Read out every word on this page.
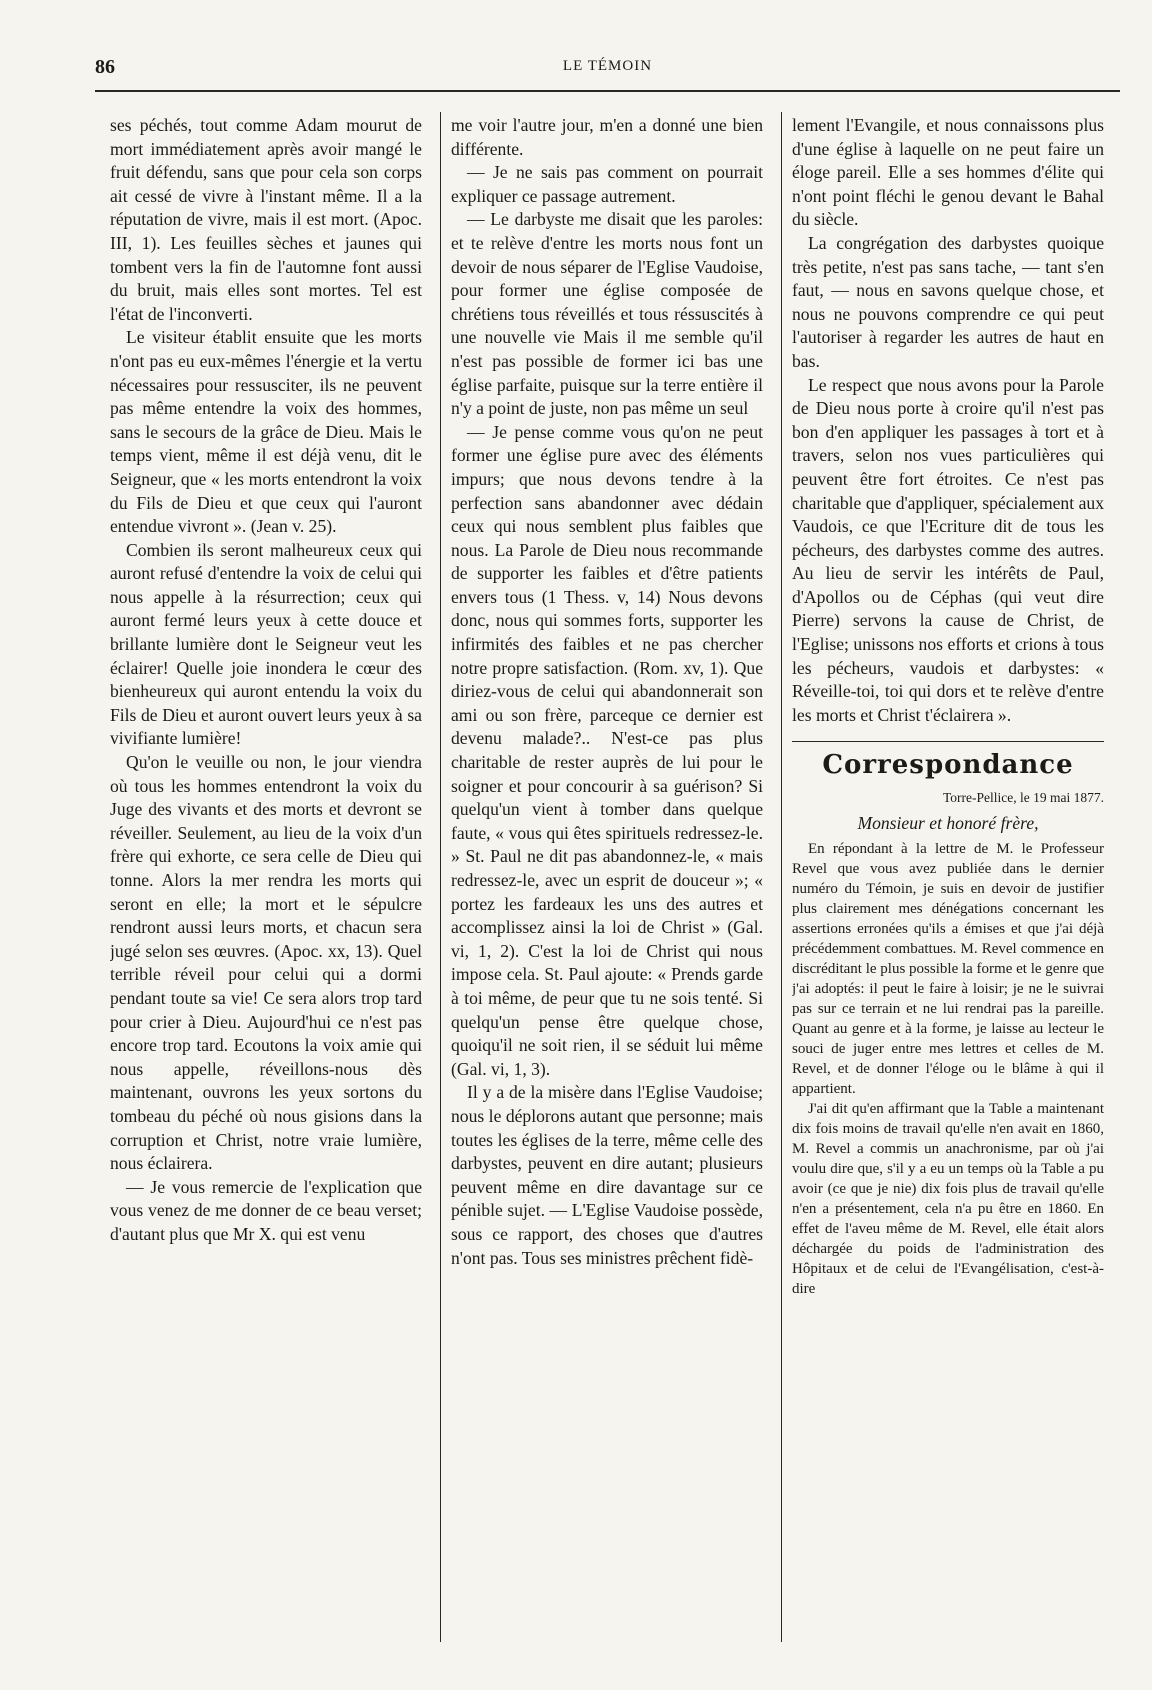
86	LE TÉMOIN

ses péchés, tout comme Adam mourut de mort immédiatement après avoir mangé le fruit défendu, sans que pour cela son corps ait cessé de vivre à l'instant même. Il a la réputation de vivre, mais il est mort. (Apoc. III, 1). Les feuilles sèches et jaunes qui tombent vers la fin de l'automne font aussi du bruit, mais elles sont mortes. Tel est l'état de l'inconverti.

Le visiteur établit ensuite que les morts n'ont pas eu eux-mêmes l'énergie et la vertu nécessaires pour ressusciter, ils ne peuvent pas même entendre la voix des hommes, sans le secours de la grâce de Dieu. Mais le temps vient, même il est déjà venu, dit le Seigneur, que « les morts entendront la voix du Fils de Dieu et que ceux qui l'auront entendue vivront ». (Jean v. 25).

Combien ils seront malheureux ceux qui auront refusé d'entendre la voix de celui qui nous appelle à la résurrection; ceux qui auront fermé leurs yeux à cette douce et brillante lumière dont le Seigneur veut les éclairer! Quelle joie inondera le cœur des bienheureux qui auront entendu la voix du Fils de Dieu et auront ouvert leurs yeux à sa vivifiante lumière!

Qu'on le veuille ou non, le jour viendra où tous les hommes entendront la voix du Juge des vivants et des morts et devront se réveiller. Seulement, au lieu de la voix d'un frère qui exhorte, ce sera celle de Dieu qui tonne. Alors la mer rendra les morts qui seront en elle; la mort et le sépulcre rendront aussi leurs morts, et chacun sera jugé selon ses œuvres. (Apoc. xx, 13). Quel terrible réveil pour celui qui a dormi pendant toute sa vie! Ce sera alors trop tard pour crier à Dieu. Aujourd'hui ce n'est pas encore trop tard. Ecoutons la voix amie qui nous appelle, réveillons-nous dès maintenant, ouvrons les yeux sortons du tombeau du péché où nous gisions dans la corruption et Christ, notre vraie lumière, nous éclairera.

— Je vous remercie de l'explication que vous venez de me donner de ce beau verset; d'autant plus que Mr X. qui est venu

me voir l'autre jour, m'en a donné une bien différente.

— Je ne sais pas comment on pourrait expliquer ce passage autrement.

— Le darbyste me disait que les paroles: et te relève d'entre les morts nous font un devoir de nous séparer de l'Eglise Vaudoise, pour former une église composée de chrétiens tous réveillés et tous réssuscités à une nouvelle vie Mais il me semble qu'il n'est pas possible de former ici bas une église parfaite, puisque sur la terre entière il n'y a point de juste, non pas même un seul

— Je pense comme vous qu'on ne peut former une église pure avec des éléments impurs; que nous devons tendre à la perfection sans abandonner avec dédain ceux qui nous semblent plus faibles que nous. La Parole de Dieu nous recommande de supporter les faibles et d'être patients envers tous (1 Thess. v, 14) Nous devons donc, nous qui sommes forts, supporter les infirmités des faibles et ne pas chercher notre propre satisfaction. (Rom. xv, 1). Que diriez-vous de celui qui abandonnerait son ami ou son frère, parceque ce dernier est devenu malade?.. N'est-ce pas plus charitable de rester auprès de lui pour le soigner et pour concourir à sa guérison? Si quelqu'un vient à tomber dans quelque faute, « vous qui êtes spirituels redressez-le. » St. Paul ne dit pas abandonnez-le, « mais redressez-le, avec un esprit de douceur »; « portez les fardeaux les uns des autres et accomplissez ainsi la loi de Christ » (Gal. vi, 1, 2). C'est la loi de Christ qui nous impose cela. St. Paul ajoute: « Prends garde à toi même, de peur que tu ne sois tenté. Si quelqu'un pense être quelque chose, quoiqu'il ne soit rien, il se séduit lui même (Gal. vi, 1, 3).

Il y a de la misère dans l'Eglise Vaudoise; nous le déplorons autant que personne; mais toutes les églises de la terre, même celle des darbystes, peuvent en dire autant; plusieurs peuvent même en dire davantage sur ce pénible sujet. — L'Eglise Vaudoise possède, sous ce rapport, des choses que d'autres n'ont pas. Tous ses ministres prêchent fidè-

lement l'Evangile, et nous connaissons plus d'une église à laquelle on ne peut faire un éloge pareil. Elle a ses hommes d'élite qui n'ont point fléchi le genou devant le Bahal du siècle.

La congrégation des darbystes quoique très petite, n'est pas sans tache, — tant s'en faut, — nous en savons quelque chose, et nous ne pouvons comprendre ce qui peut l'autoriser à regarder les autres de haut en bas.

Le respect que nous avons pour la Parole de Dieu nous porte à croire qu'il n'est pas bon d'en appliquer les passages à tort et à travers, selon nos vues particulières qui peuvent être fort étroites. Ce n'est pas charitable que d'appliquer, spécialement aux Vaudois, ce que l'Ecriture dit de tous les pécheurs, des darbystes comme des autres. Au lieu de servir les intérêts de Paul, d'Apollos ou de Céphas (qui veut dire Pierre) servons la cause de Christ, de l'Eglise; unissons nos efforts et crions à tous les pécheurs, vaudois et darbystes: « Réveille-toi, toi qui dors et te relève d'entre les morts et Christ t'éclairera ».

Correspondance
Torre-Pellice, le 19 mai 1877.
Monsieur et honoré frère,

En répondant à la lettre de M. le Professeur Revel que vous avez publiée dans le dernier numéro du Témoin, je suis en devoir de justifier plus clairement mes dénégations concernant les assertions erronées qu'ils a émises et que j'ai déjà précédemment combattues. M. Revel commence en discréditant le plus possible la forme et le genre que j'ai adoptés: il peut le faire à loisir; je ne le suivrai pas sur ce terrain et ne lui rendrai pas la pareille. Quant au genre et à la forme, je laisse au lecteur le souci de juger entre mes lettres et celles de M. Revel, et de donner l'éloge ou le blâme à qui il appartient.

J'ai dit qu'en affirmant que la Table a maintenant dix fois moins de travail qu'elle n'en avait en 1860, M. Revel a commis un anachronisme, par où j'ai voulu dire que, s'il y a eu un temps où la Table a pu avoir (ce que je nie) dix fois plus de travail qu'elle n'en a présentement, cela n'a pu être en 1860. En effet de l'aveu même de M. Revel, elle était alors déchargée du poids de l'administration des Hôpitaux et de celui de l'Evangélisation, c'est-à-dire
